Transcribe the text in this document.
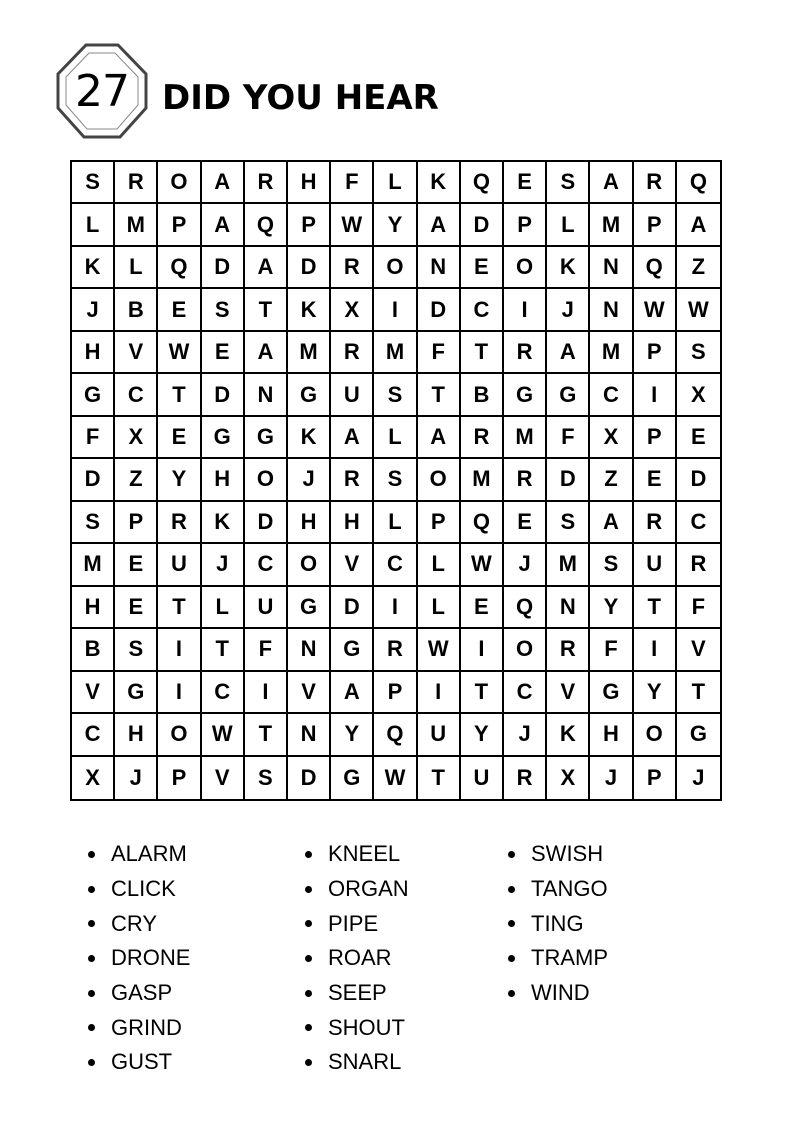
27 DID YOU HEAR
S	R	O	A	R	H	F	L	K	Q	E	S	A	R	Q
L	M	P	A	Q	P	W	Y	A	D	P	L	M	P	A
K	L	Q	D	A	D	R	O	N	E	O	K	N	Q	Z
J	B	E	S	T	K	X	I	D	C	I	J	N	W	W
H	V	W	E	A	M	R	M	F	T	R	A	M	P	S
G	C	T	D	N	G	U	S	T	B	G	G	C	I	X
F	X	E	G	G	K	A	L	A	R	M	F	X	P	E
D	Z	Y	H	O	J	R	S	O	M	R	D	Z	E	D
S	P	R	K	D	H	H	L	P	Q	E	S	A	R	C
M	E	U	J	C	O	V	C	L	W	J	M	S	U	R
H	E	T	L	U	G	D	I	L	E	Q	N	Y	T	F
B	S	I	T	F	N	G	R	W	I	O	R	F	I	V
V	G	I	C	I	V	A	P	I	T	C	V	G	Y	T
C	H	O	W	T	N	Y	Q	U	Y	J	K	H	O	G
X	J	P	V	S	D	G	W	T	U	R	X	J	P	J
ALARM
CLICK
CRY
DRONE
GASP
GRIND
GUST
KNEEL
ORGAN
PIPE
ROAR
SEEP
SHOUT
SNARL
SWISH
TANGO
TING
TRAMP
WIND
